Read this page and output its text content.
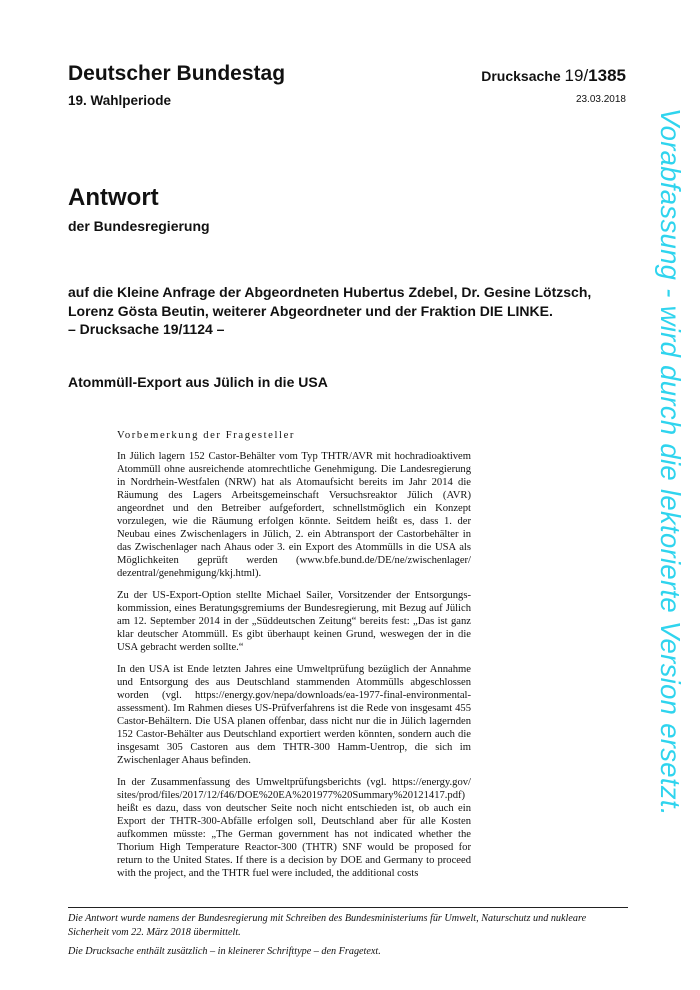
Deutscher Bundestag
19. Wahlperiode
Drucksache 19/1385
23.03.2018
Antwort
der Bundesregierung
auf die Kleine Anfrage der Abgeordneten Hubertus Zdebel, Dr. Gesine Lötzsch,
Lorenz Gösta Beutin, weiterer Abgeordneter und der Fraktion DIE LINKE.
– Drucksache 19/1124 –
Atommüll-Export aus Jülich in die USA
Vorbemerkung der Fragesteller

In Jülich lagern 152 Castor-Behälter vom Typ THTR/AVR mit hochradioaktivem Atommüll ohne ausreichende atomrechtliche Genehmigung. Die Landesregierung in Nordrhein-Westfalen (NRW) hat als Atomaufsicht bereits im Jahr 2014 die Räumung des Lagers Arbeitsgemeinschaft Versuchsreaktor Jülich (AVR) angeordnet und den Betreiber aufgefordert, schnellstmöglich ein Konzept vorzulegen, wie die Räumung erfolgen könnte. Seitdem heißt es, dass 1. der Neubau eines Zwischenlagers in Jülich, 2. ein Abtransport der Castorbehälter in das Zwischenlager nach Ahaus oder 3. ein Export des Atommülls in die USA als Möglichkeiten geprüft werden (www.bfe.bund.de/DE/ne/zwischenlager/ dezentral/genehmigung/kkj.html).

Zu der US-Export-Option stellte Michael Sailer, Vorsitzender der Entsorgungskommission, eines Beratungsgremiums der Bundesregierung, mit Bezug auf Jülich am 12. September 2014 in der „Süddeutschen Zeitung“ bereits fest: „Das ist ganz klar deutscher Atommüll. Es gibt überhaupt keinen Grund, weswegen der in die USA gebracht werden sollte.“

In den USA ist Ende letzten Jahres eine Umweltprüfung bezüglich der Annahme und Entsorgung des aus Deutschland stammenden Atommülls abgeschlossen worden (vgl. https://energy.gov/nepa/downloads/ea-1977-final-environmental-assessment). Im Rahmen dieses US-Prüfverfahrens ist die Rede von insgesamt 455 Castor-Behältern. Die USA planen offenbar, dass nicht nur die in Jülich lagernden 152 Castor-Behälter aus Deutschland exportiert werden könnten, sondern auch die insgesamt 305 Castoren aus dem THTR-300 Hamm-Uentrop, die sich im Zwischenlager Ahaus befinden.

In der Zusammenfassung des Umweltprüfungsberichts (vgl. https://energy.gov/ sites/prod/files/2017/12/f46/DOE%20EA%201977%20Summary%20121417.pdf) heißt es dazu, dass von deutscher Seite noch nicht entschieden ist, ob auch ein Export der THTR-300-Abfälle erfolgen soll, Deutschland aber für alle Kosten aufkommen müsste: „The German government has not indicated whether the Thorium High Temperature Reactor-300 (THTR) SNF would be proposed for return to the United States. If there is a decision by DOE and Germany to proceed with the project, and the THTR fuel were included, the additional costs

Die Antwort wurde namens der Bundesregierung mit Schreiben des Bundesministeriums für Umwelt, Naturschutz und nukleare Sicherheit vom 22. März 2018 übermittelt.
Die Drucksache enthält zusätzlich – in kleinerer Schrifttype – den Fragetext.
Vorabfassung - wird durch die lektorierte Version ersetzt.
